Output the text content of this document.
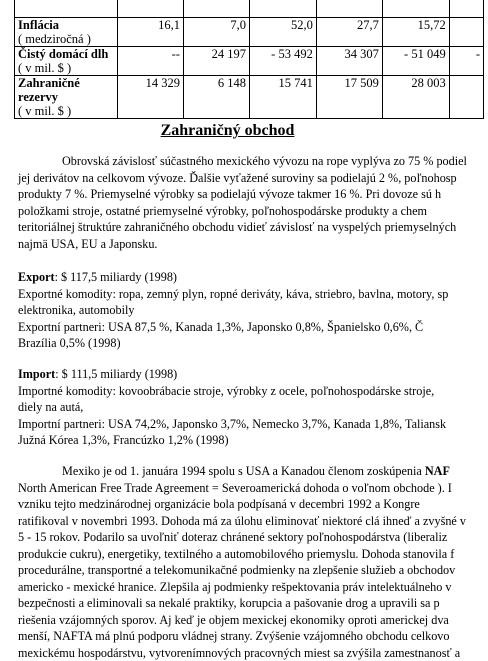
Inflácia
( medziročná )	16,1	7,0	52,0	27,7	15,72	

Čistý domácí dlh
( v mil. $ )	--	24 197	- 53 492	34 307	- 51 049	-

Zahraničné rezervy
( v mil. $ )	14 329	6 148	15 741	17 509	28 003	
Zahraničný obchod
Obrovská závislosť súčastného mexického vývozu na rope vyplýva zo 75 % podiel
jej derivátov na celkovom vývoze. Ďalšie vyťažené suroviny sa podielajú 2 %, poľnohosp
produkty 7 %. Priemyselné výrobky sa podielajú vývoze takmer 16 %. Pri dovoze sú h
položkami stroje, ostatné priemyselné výrobky, poľnohospodárske produkty a chem
teritoriálnej štruktúre zahraničného obchodu vidieť závislosť na vyspelých priemyselných
najmä USA, EU a Japonsku.
Export: $ 117,5 miliardy (1998)
Exportné komodity: ropa, zemný plyn, ropné deriváty, káva, striebro, bavlna, motory, sp
elektronika, automobily
Exportní partneri: USA 87,5 %, Kanada 1,3%, Japonsko 0,8%, Španielsko 0,6%, Č
Brazília 0,5% (1998)
Import: $ 111,5 miliardy (1998)
Importné komodity: kovoobrábacie stroje, výrobky z ocele, poľnohospodárske stroje,
diely na autá,
Importní partneri: USA 74,2%, Japonsko 3,7%, Nemecko 3,7%, Kanada 1,8%, Taliansk
Južná Kórea 1,3%, Francúzko 1,2% (1998)
Mexiko je od 1. januára 1994 spolu s USA a Kanadou členom zoskúpenia NAF
North American Free Trade Agreement = Severoamerická dohoda o voľnom obchode ). I
vzniku tejto medzinárodnej organizácie bola podpísaná v decembri 1992 a Kongre
ratifikoval v novembri 1993. Dohoda má za úlohu eliminovať niektoré clá ihneď a zvyšné v
5 - 15 rokov. Podarilo sa uvoľniť doteraz chránené sektory poľnohospodárstva (liberaliz
produkcie cukru), energetiky, textilného a automobilového priemyslu. Dohoda stanovila f
procedurálne, transportné a telekomunikačné podmienky na zlepšenie služieb a obchodov
americko - mexické hranice. Zlepšila aj podmienky rešpektovania práv intelektuálneho v
bezpečnosti a eliminovali sa nekalé praktiky, korupcia a pašovanie drog a upravili sa p
riešenia vzájomných sporov. Aj keď je objem mexickej ekonomiky oproti americkej dva
menší, NAFTA má plnú podporu vládnej strany. Zvýšenie vzájomného obchodu celkovo
mexickému hospodárstvu, vytvorenímnových pracovných miest sa zvýšila zamestnanosť a
